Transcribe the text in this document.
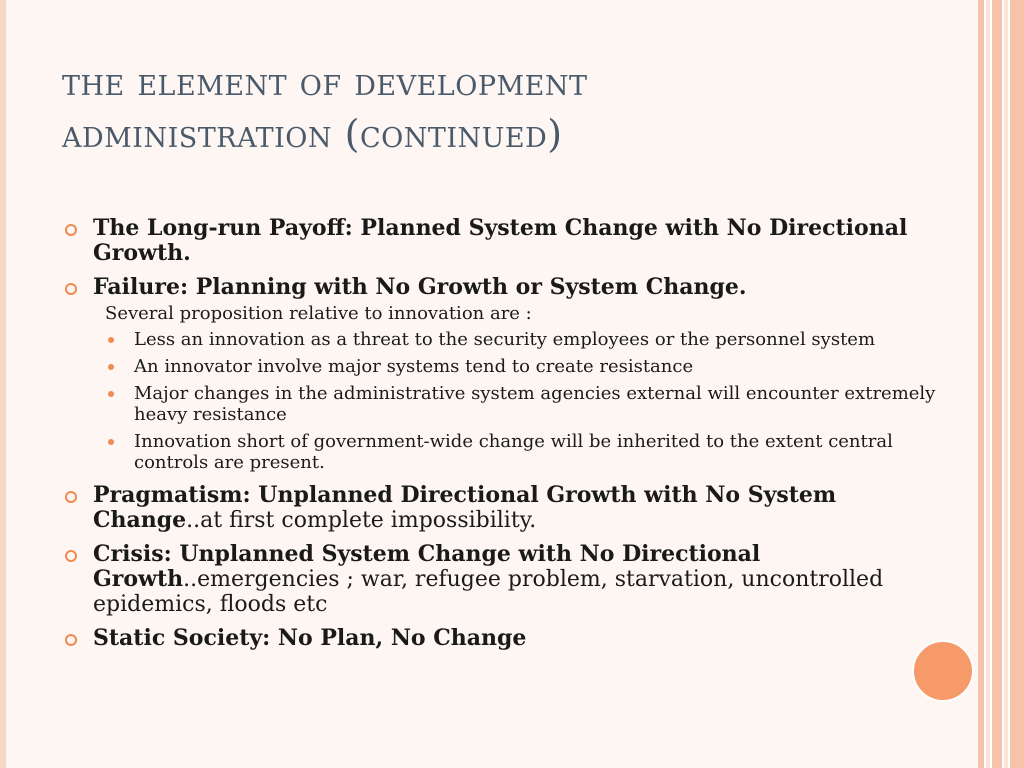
the element of development
administration (continued)
The Long-run Payoff: Planned System Change with No Directional Growth.
Failure: Planning with No Growth or System Change.
Several proposition relative to innovation are :
Less an innovation as a threat to the security employees or the personnel system
An innovator involve major systems tend to create resistance
Major changes in the administrative system agencies external will encounter extremely heavy resistance
Innovation short of government-wide change will be inherited to the extent central controls are present.
Pragmatism: Unplanned Directional Growth with No System Change..at first complete impossibility.
Crisis: Unplanned System Change with No Directional Growth..emergencies ; war, refugee problem, starvation, uncontrolled epidemics, floods etc
Static Society: No Plan, No Change
